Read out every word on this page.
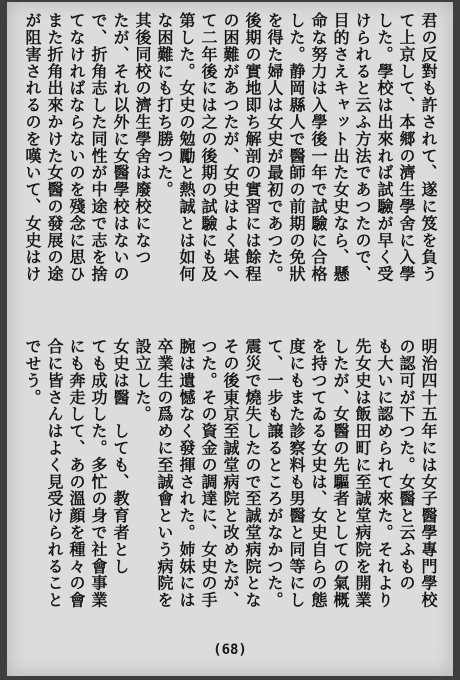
君の反對も許されて、遂に笈を負う
て上京して、本郷の濟生學舍に入學
した。學校は出來れば試驗が早く受
けられると云ふ方法であつたので、
目的さえキャット出た女史なら、懸
命な努力は入學後一年で試驗に合格
した。静岡縣人で醫師の前期の免狀
を得た婦人は女史が最初であつた。
後期の實地即ち解剖の實習には餘程
の困難があつたが、女史はよく堪へ
て二年後には之の後期の試驗にも及
第した。女史の勉勵と熱誠とは如何
な困難にも打ち勝つた。
其後同校の濟生學舍は廢校になつ
たが、それ以外に女醫學校はないの
で、折角志した同性が中途で志を捨
てなければならないのを殘念に思ひ
また折角出來かけた女醫の發展の途
が阻害されるのを嘆いて、女史はけ
明治四十五年には女子醫學專門學校
の認可が下つた。女醫と云ふもの
も大いに認められて來た。それより
先女史は飯田町に至誠堂病院を開業
したが、女醫の先驅者としての氣概
を持つてゐる女史は、女史自らの態
度にもまた診察料も男醫と同等にし
て、一步も譲るところがなかつた。
震災で燒失したので至誠堂病院とな
その後東京至誠堂病院と改めたが、
つた。その資金の調達に、女史の手
腕は遺憾なく發揮された。姉妹には
卒業生の爲めに至誠會という病院を
設立した。
女史は醫　しても、教育者とし
ても成功した。多忙の身で社會事業
にも奔走して、あの溫顔を種々の會
合に皆さんはよく見受けられること
でせう。
(68)
